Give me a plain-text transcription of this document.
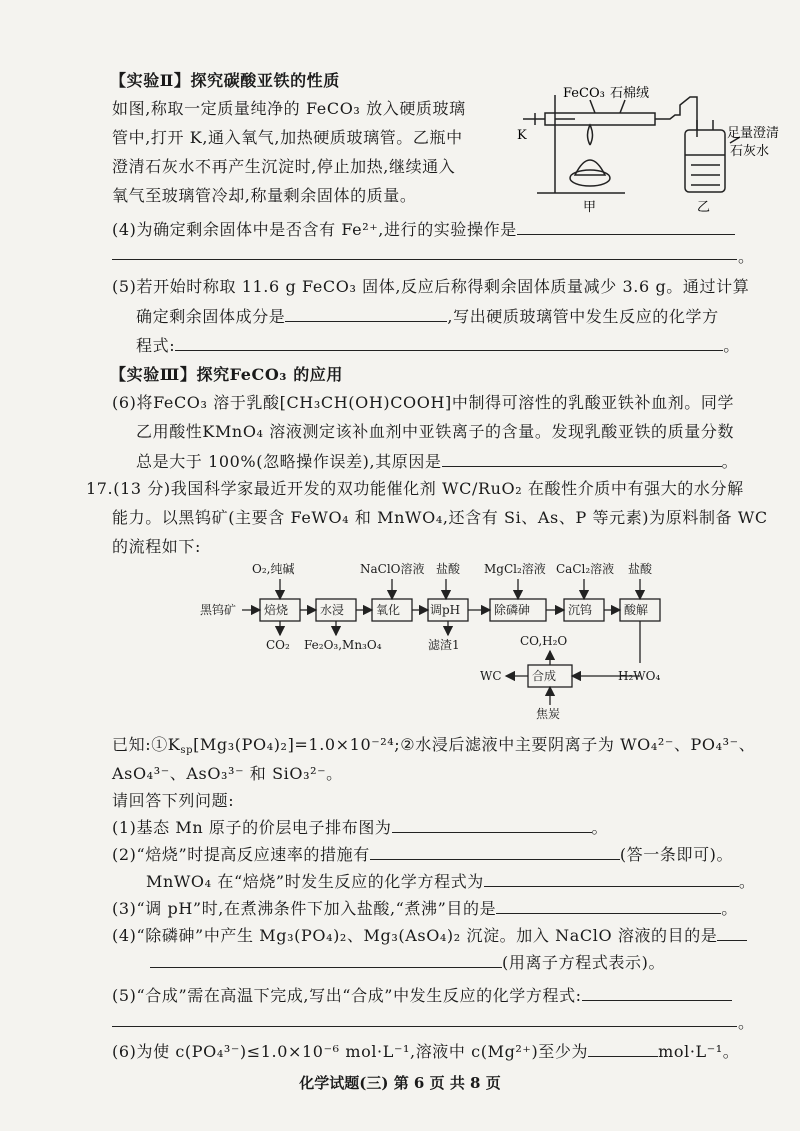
【实验Ⅱ】探究碳酸亚铁的性质
如图,称取一定质量纯净的 FeCO₃ 放入硬质玻璃
管中,打开 K,通入氧气,加热硬质玻璃管。乙瓶中
澄清石灰水不再产生沉淀时,停止加热,继续通入
氧气至玻璃管冷却,称量剩余固体的质量。
FeCO₃ 石棉绒
K	足量澄清
石灰水
甲	乙
(4)为确定剩余固体中是否含有 Fe²⁺,进行的实验操作是
。
(5)若开始时称取 11.6 g FeCO₃ 固体,反应后称得剩余固体质量减少 3.6 g。通过计算
确定剩余固体成分是	,写出硬质玻璃管中发生反应的化学方
程式:	。
【实验Ⅲ】探究FeCO₃ 的应用
(6)将FeCO₃ 溶于乳酸[CH₃CH(OH)COOH]中制得可溶性的乳酸亚铁补血剂。同学
乙用酸性KMnO₄ 溶液测定该补血剂中亚铁离子的含量。发现乳酸亚铁的质量分数
总是大于 100%(忽略操作误差),其原因是	。
17.(13 分)我国科学家最近开发的双功能催化剂 WC/RuO₂ 在酸性介质中有强大的水分解
能力。以黑钨矿(主要含 FeWO₄ 和 MnWO₄,还含有 Si、As、P 等元素)为原料制备 WC
的流程如下:
黑钨矿 焙烧	水浸	氧化 调pH	除磷砷	沉钨	酸解
合成
O₂,纯碱	NaClO溶液 盐酸 MgCl₂溶液 CaCl₂溶液 盐酸
CO₂ Fe₂O₃,Mn₃O₄	滤渣1	CO,H₂O
WC	H₂WO₄
焦炭
已知$:①K_{sp}[Mg_3(PO_4)_2]=1.0\times 10^{-24};②$水浸后滤液中主要阴离子为 WO₄²⁻、PO₄³⁻、
AsO₄³⁻、AsO₃³⁻ 和 SiO₃²⁻。
请回答下列问题:
(1)基态 Mn 原子的价层电子排布图为	。
(2)“焙烧”时提高反应速率的措施有	(答一条即可)。
MnWO₄ 在“焙烧”时发生反应的化学方程式为	。
(3)“调 pH”时,在煮沸条件下加入盐酸,“煮沸”目的是	。
(4)“除磷砷”中产生 Mg₃(PO₄)₂、Mg₃(AsO₄)₂ 沉淀。加入 NaClO 溶液的目的是
(用离子方程式表示)。
(5)“合成”需在高温下完成,写出“合成”中发生反应的化学方程式:
。
(6)为使 c(PO₄³⁻)≤1.0×10⁻⁶ mol·L⁻¹,溶液中 c(Mg²⁺)至少为	mol·L⁻¹。
化学试题(三) 第 6 页 共 8 页
